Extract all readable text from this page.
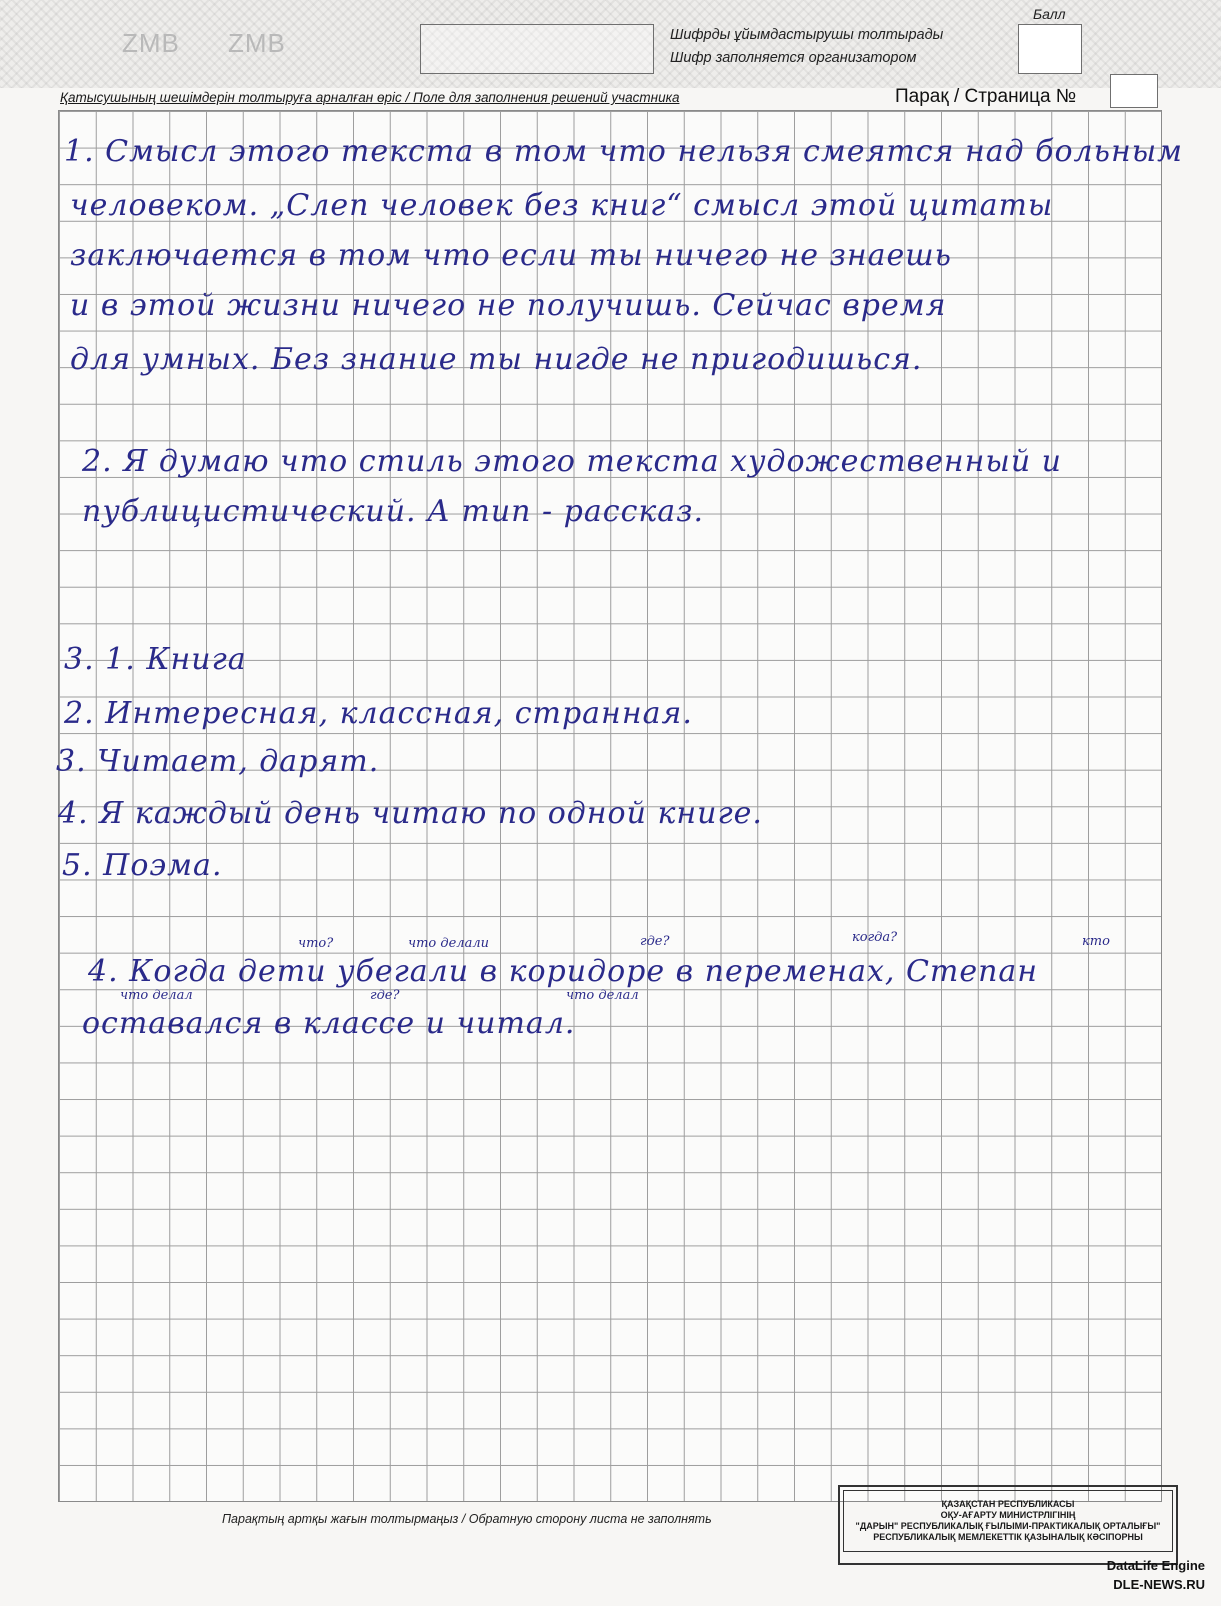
ZMB ZMB	Шифрды ұйымдастырушы толтырады
Шифр заполняется организатором
Балл
Қатысушының шешімдерін толтыруға арналған өріс / Поле для заполнения решений участника	Парақ / Страница №
1. Смысл этого текста в том что нельзя смеятся над больным
человеком. „Слеп человек без книг“ смысл этой цитаты
заключается в том что если ты ничего не знаешь
и в этой жизни ничего не получишь. Сейчас время
для умных. Без знание ты нигде не пригодишься.
2. Я думаю что стиль этого текста художественный и
публицистический. А тип - рассказ.
3. 1. Книга
2. Интересная, классная, странная.
3. Читает, дарят.
4. Я каждый день читаю по одной книге.
5. Поэма.
что?	что делали	где?	когда?	кто
4. Когда дети убегали в коридоре в переменах, Степан
что делал	где?	что делал
оставался в классе и читал.
Парақтың артқы жағын толтырмаңыз / Обратную сторону листа не заполнять
ҚАЗАҚСТАН РЕСПУБЛИКАСЫ
ОҚУ-АҒАРТУ МИНИСТРЛІГІНІҢ
"ДАРЫН" РЕСПУБЛИКАЛЫҚ ҒЫЛЫМИ-ПРАКТИКАЛЫҚ ОРТАЛЫҒЫ"
РЕСПУБЛИКАЛЫҚ МЕМЛЕКЕТТІК ҚАЗЫНАЛЫҚ КӘСІПОРНЫ
DataLife Engine
DLE-NEWS.RU
